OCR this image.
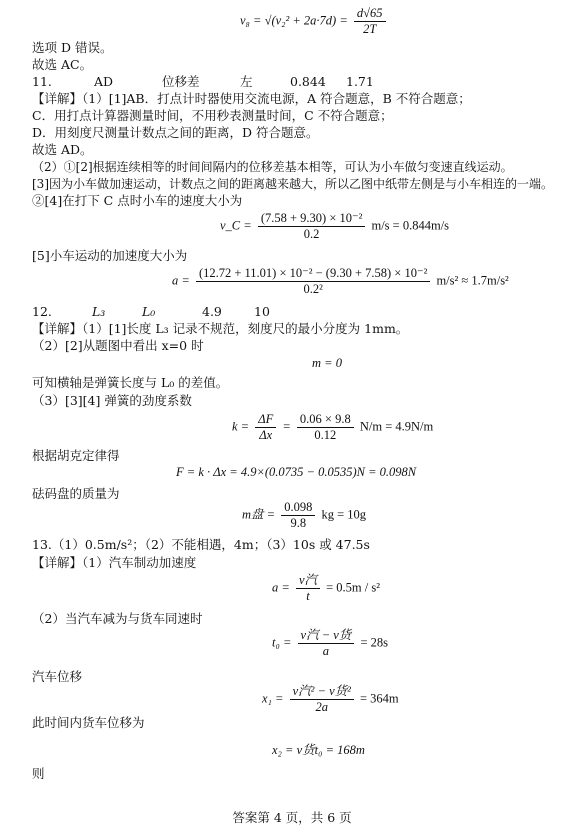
$v_8 = √(v_2^2 + 2a\cdot 7d) = \frac{d√65}{2T}$
选项 D 错误。
故选 AC。
11.	AD	位移差	左	0.844 1.71
【详解】（1）[1]AB．打点计时器使用交流电源，A 符合题意，B 不符合题意；
C．用打点计算器测量时间，不用秒表测量时间，C 不符合题意；
D．用刻度尺测量计数点之间的距离，D 符合题意。
故选 AD。
（2）①[2]根据连续相等的时间间隔内的位移差基本相等，可认为小车做匀变速直线运动。
[3]因为小车做加速运动，计数点之间的距离越来越大，所以乙图中纸带左侧是与小车相连的一端。
②[4]在打下 C 点时小车的速度大小为
v_C = $\frac{\text{(7.58 + 9.30) × 10⁻²}}{0.2} m/s = 0.844m/s$
[5]小车运动的加速度大小为
$a = \frac{\text{(12.72 + 11.01) × 10⁻² − (9.30 + 7.58) × 10⁻²}}{\text{0.2²}} m/s^2 \approx 1.7m/s^2$
12.	L₃	L₀	4.9	10
【详解】（1）[1]长度 L₃ 记录不规范，刻度尺的最小分度为 1mm。
（2）[2]从题图中看出 x=0 时
m = 0
可知横轴是弹簧长度与 L₀ 的差值。
（3）[3][4] 弹簧的劲度系数
$k = \frac{\Delta F}{\Delta x} = \frac{0.06 \times 9.8}{0.12} N/m = 4.9N/m$
根据胡克定律得
F = k · Δx = 4.9×(0.0735 − 0.0535)N = 0.098N
砝码盘的质量为
m盘 = $\frac{0.098}{9.8}$ kg = 10g
13.（1）0.5m/s²；（2）不能相遇，4m；（3）10s 或 47.5s
【详解】（1）汽车制动加速度
$a = \frac{\text{v汽}}{t} = 0.5m / s^2$
（2）当汽车减为与货车同速时
$t_0 = \frac{\text{v汽 − v货}}{a} = 28s$
汽车位移
$x_1 = \frac{\text{v汽² − v货²}}{2a} = 364m$
此时间内货车位移为
x₂ = v货t₀ = 168m
则
答案第 4 页，共 6 页
